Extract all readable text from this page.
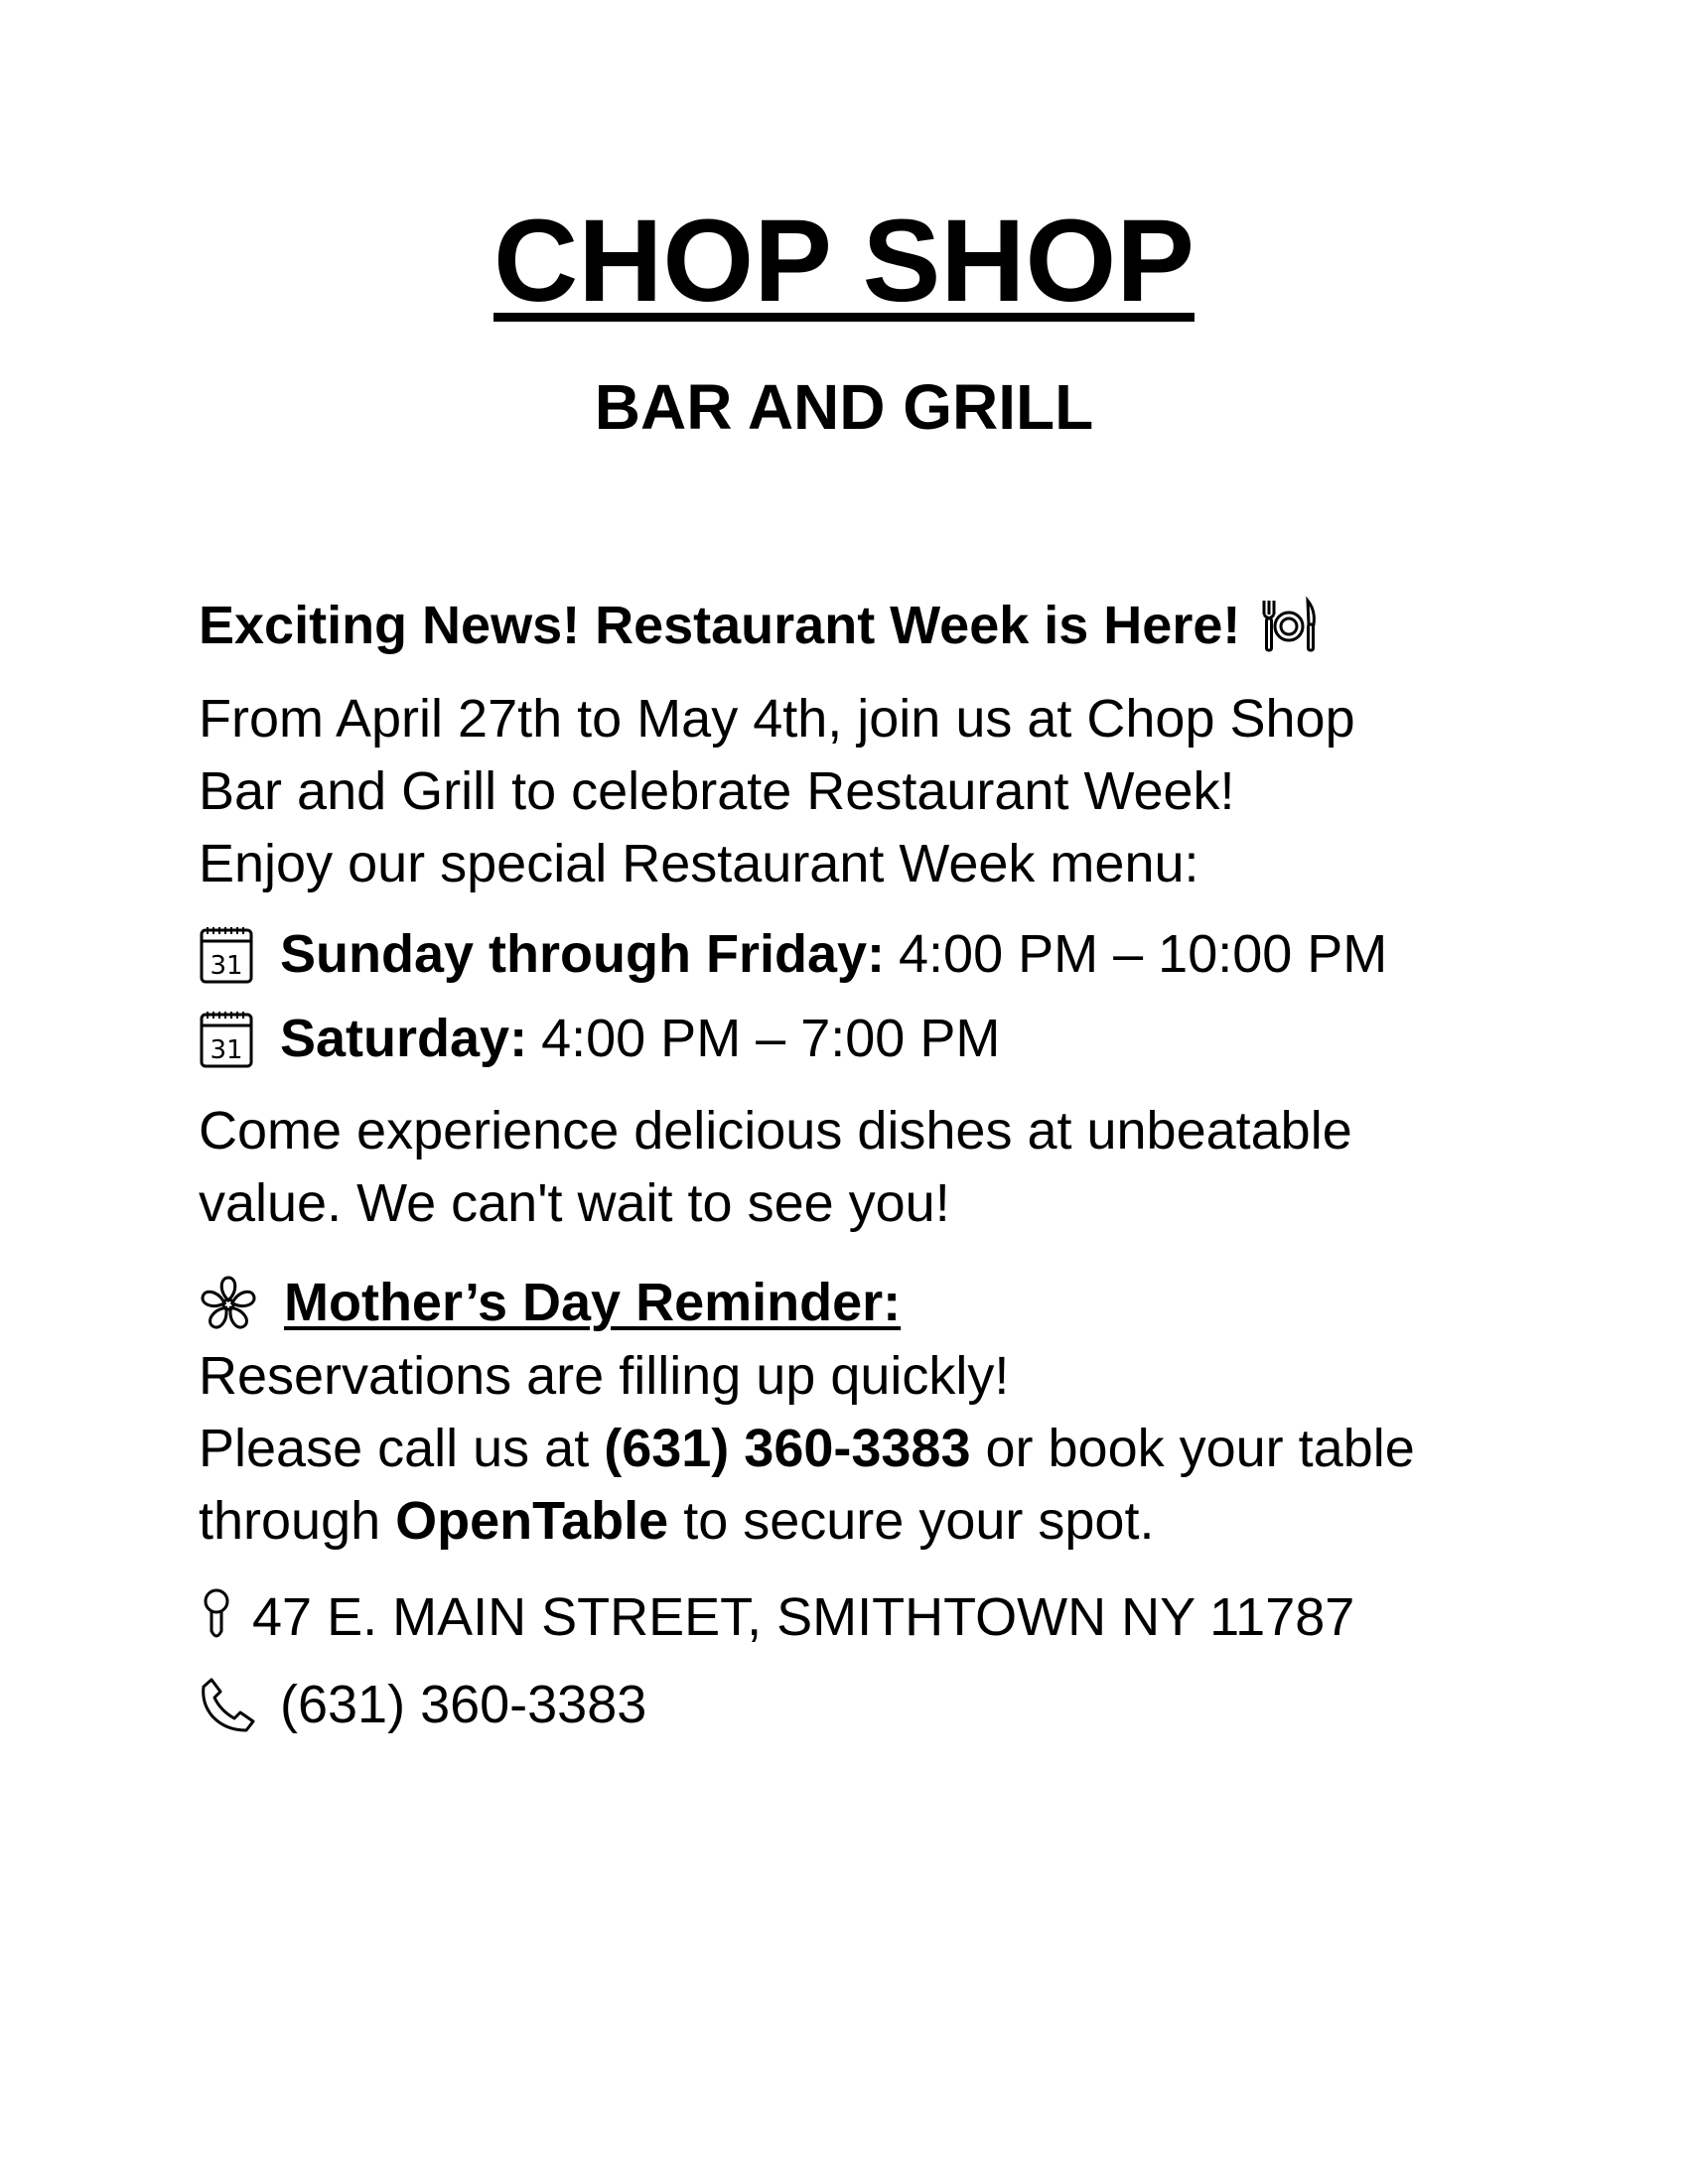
CHOP SHOP
BAR AND GRILL
Exciting News! Restaurant Week is Here!
From April 27th to May 4th, join us at Chop Shop
Bar and Grill to celebrate Restaurant Week!
Enjoy our special Restaurant Week menu:
31 Sunday through Friday: 4:00 PM – 10:00 PM
31 Saturday: 4:00 PM – 7:00 PM
Come experience delicious dishes at unbeatable
value. We can't wait to see you!
Mother’s Day Reminder:
Reservations are filling up quickly!
Please call us at (631) 360-3383 or book your table
through OpenTable to secure your spot.
47 E. MAIN STREET, SMITHTOWN NY 11787
(631) 360-3383
